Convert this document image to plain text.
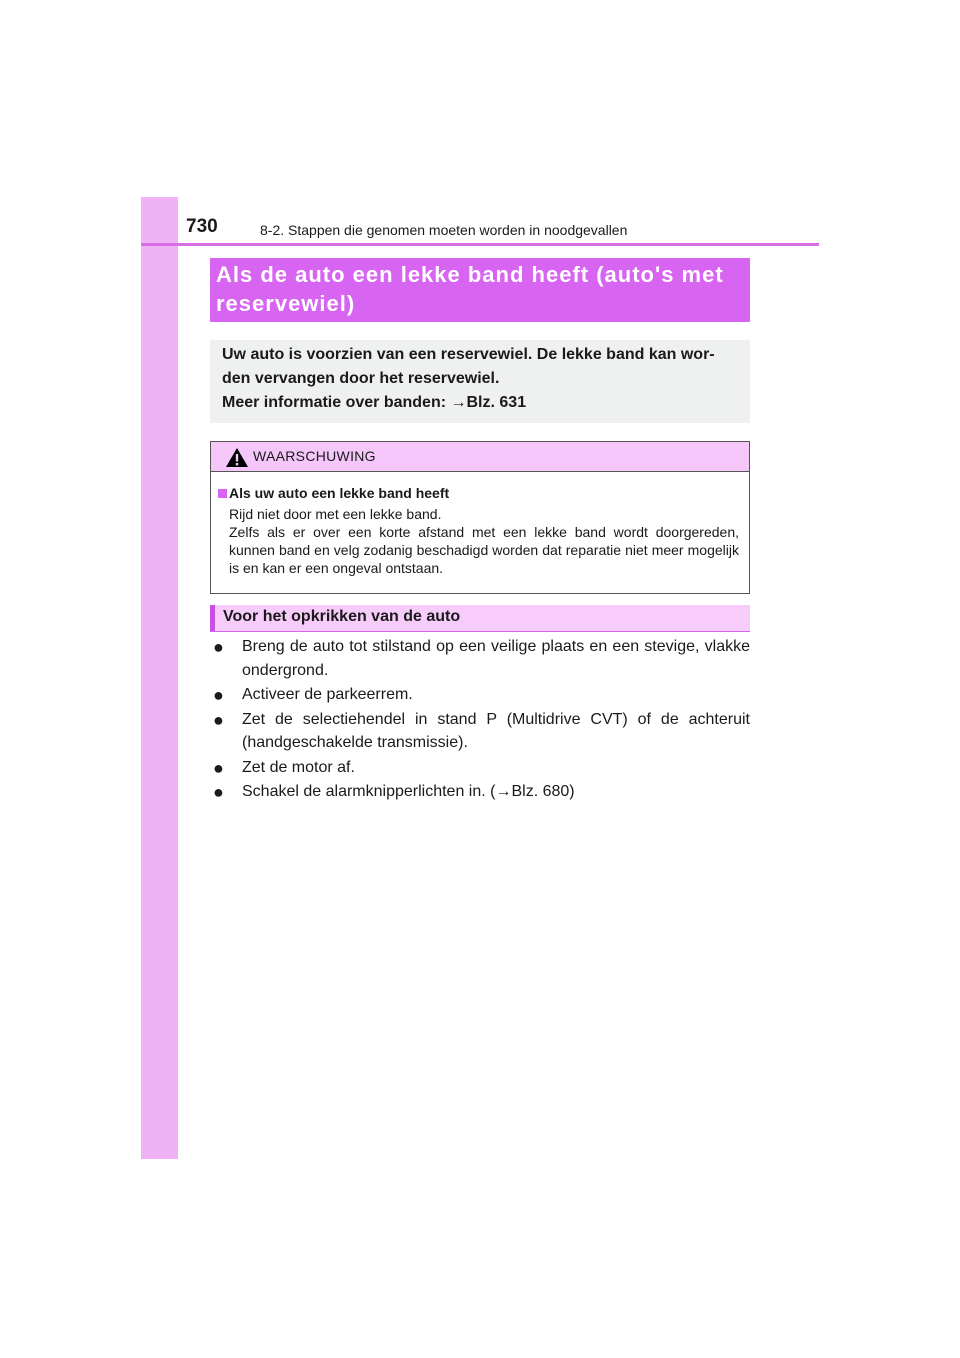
730	8-2. Stappen die genomen moeten worden in noodgevallen
Als de auto een lekke band heeft (auto's met reservewiel)
Uw auto is voorzien van een reservewiel. De lekke band kan wor-den vervangen door het reservewiel.
Meer informatie over banden: →Blz. 631
WAARSCHUWING
Als uw auto een lekke band heeft

Rijd niet door met een lekke band.

Zelfs als er over een korte afstand met een lekke band wordt doorgereden, kunnen band en velg zodanig beschadigd worden dat reparatie niet meer mogelijk is en kan er een ongeval ontstaan.

Voor het opkrikken van de auto
● Breng de auto tot stilstand op een veilige plaats en een stevige, vlakke ondergrond.
● Activeer de parkeerrem.
● Zet de selectiehendel in stand P (Multidrive CVT) of de achteruit (handgeschakelde transmissie).
● Zet de motor af.
● Schakel de alarmknipperlichten in. (→Blz. 680)
